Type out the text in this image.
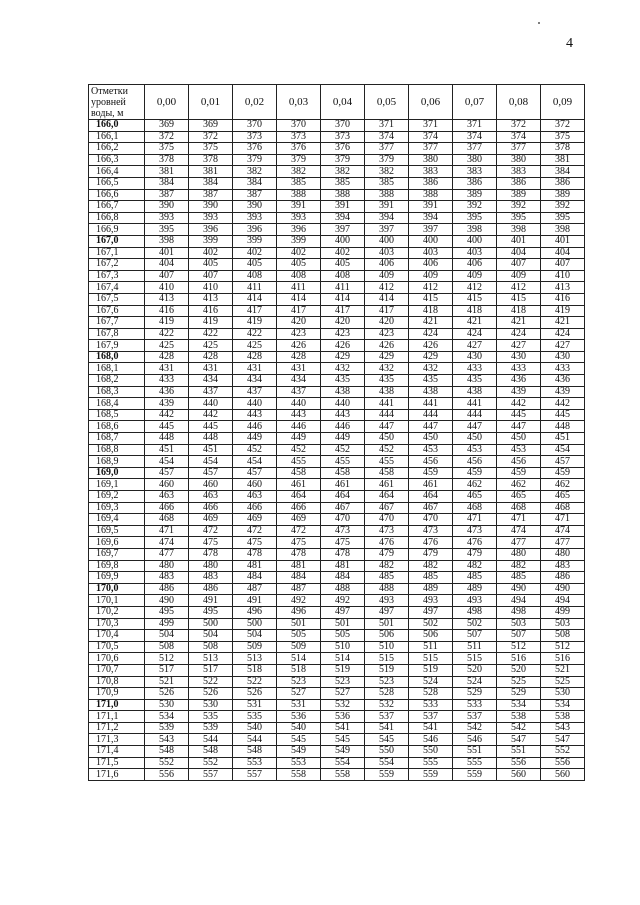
4
Отметки уровней воды, м	0,00	0,01	0,02	0,03	0,04	0,05	0,06	0,07	0,08	0,09
166,0	369	369	370	370	370	371	371	371	372	372
166,1	372	372	373	373	373	374	374	374	374	375
166,2	375	375	376	376	376	377	377	377	377	378
166,3	378	378	379	379	379	379	380	380	380	381
166,4	381	381	382	382	382	382	383	383	383	384
166,5	384	384	384	385	385	385	386	386	386	386
166,6	387	387	387	388	388	388	388	389	389	389
166,7	390	390	390	391	391	391	391	392	392	392
166,8	393	393	393	393	394	394	394	395	395	395
166,9	395	396	396	396	397	397	397	398	398	398
167,0	398	399	399	399	400	400	400	400	401	401
167,1	401	402	402	402	402	403	403	403	404	404
167,2	404	405	405	405	405	406	406	406	407	407
167,3	407	407	408	408	408	409	409	409	409	410
167,4	410	410	411	411	411	412	412	412	412	413
167,5	413	413	414	414	414	414	415	415	415	416
167,6	416	416	417	417	417	417	418	418	418	419
167,7	419	419	419	420	420	420	421	421	421	421
167,8	422	422	422	423	423	423	424	424	424	424
167,9	425	425	425	426	426	426	426	427	427	427
168,0	428	428	428	428	429	429	429	430	430	430
168,1	431	431	431	431	432	432	432	433	433	433
168,2	433	434	434	434	435	435	435	435	436	436
168,3	436	437	437	437	438	438	438	438	439	439
168,4	439	440	440	440	440	441	441	441	442	442
168,5	442	442	443	443	443	444	444	444	445	445
168,6	445	445	446	446	446	447	447	447	447	448
168,7	448	448	449	449	449	450	450	450	450	451
168,8	451	451	452	452	452	452	453	453	453	454
168,9	454	454	454	455	455	455	456	456	456	457
169,0	457	457	457	458	458	458	459	459	459	459
169,1	460	460	460	461	461	461	461	462	462	462
169,2	463	463	463	464	464	464	464	465	465	465
169,3	466	466	466	466	467	467	467	468	468	468
169,4	468	469	469	469	470	470	470	471	471	471
169,5	471	472	472	472	473	473	473	473	474	474
169,6	474	475	475	475	475	476	476	476	477	477
169,7	477	478	478	478	478	479	479	479	480	480
169,8	480	480	481	481	481	482	482	482	482	483
169,9	483	483	484	484	484	485	485	485	485	486
170,0	486	486	487	487	488	488	489	489	490	490
170,1	490	491	491	492	492	493	493	493	494	494
170,2	495	495	496	496	497	497	497	498	498	499
170,3	499	500	500	501	501	501	502	502	503	503
170,4	504	504	504	505	505	506	506	507	507	508
170,5	508	508	509	509	510	510	511	511	512	512
170,6	512	513	513	514	514	515	515	515	516	516
170,7	517	517	518	518	519	519	519	520	520	521
170,8	521	522	522	523	523	523	524	524	525	525
170,9	526	526	526	527	527	528	528	529	529	530
171,0	530	530	531	531	532	532	533	533	534	534
171,1	534	535	535	536	536	537	537	537	538	538
171,2	539	539	540	540	541	541	541	542	542	543
171,3	543	544	544	545	545	545	546	546	547	547
171,4	548	548	548	549	549	550	550	551	551	552
171,5	552	552	553	553	554	554	555	555	556	556
171,6	556	557	557	558	558	559	559	559	560	560
